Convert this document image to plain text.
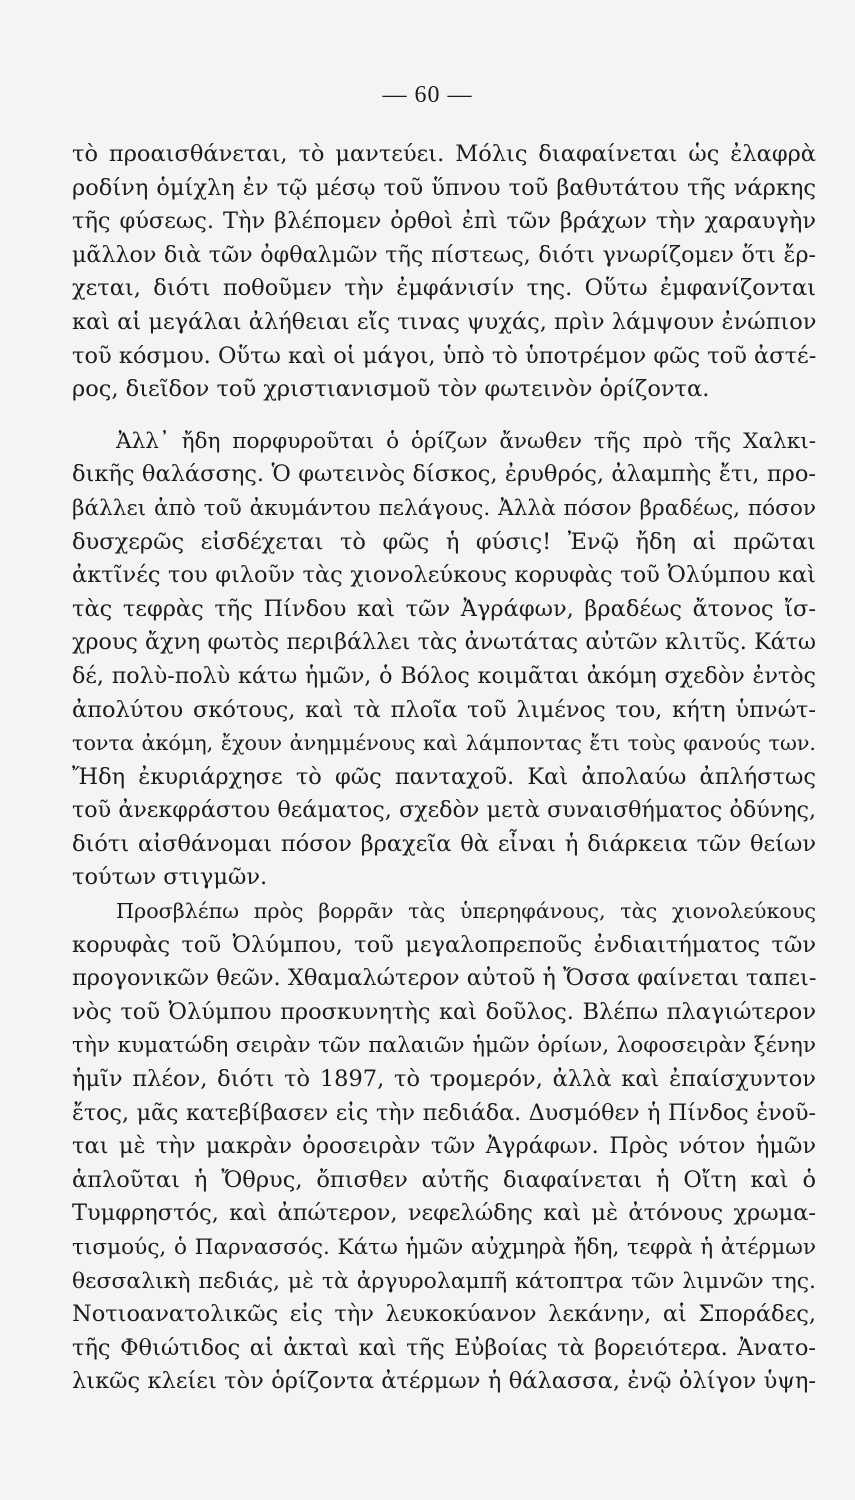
— 60 —
τὸ προαισθάνεται, τὸ μαντεύει. Μόλις διαφαίνεται ὡς ἐλαφρὰ
ροδίνη ὁμίχλη ἐν τῷ μέσῳ τοῦ ὕπνου τοῦ βαθυτάτου τῆς νάρκης
τῆς φύσεως. Τὴν βλέπομεν ὀρθοὶ ἐπὶ τῶν βράχων τὴν χαραυγὴν
μᾶλλον διὰ τῶν ὀφθαλμῶν τῆς πίστεως, διότι γνωρίζομεν ὅτι ἔρ-
χεται, διότι ποθοῦμεν τὴν ἐμφάνισίν της. Οὕτω ἐμφανίζονται
καὶ αἱ μεγάλαι ἀλήθειαι εἴς τινας ψυχάς, πρὶν λάμψουν ἐνώπιον
τοῦ κόσμου. Οὕτω καὶ οἱ μάγοι, ὑπὸ τὸ ὑποτρέμον φῶς τοῦ ἀστέ-
ρος, διεῖδον τοῦ χριστιανισμοῦ τὸν φωτεινὸν ὁρίζοντα.
Ἀλλ᾽ ἤδη πορφυροῦται ὁ ὁρίζων ἄνωθεν τῆς πρὸ τῆς Χαλκι-
δικῆς θαλάσσης. Ὁ φωτεινὸς δίσκος, ἐρυθρός, ἀλαμπὴς ἔτι, προ-
βάλλει ἀπὸ τοῦ ἀκυμάντου πελάγους. Ἀλλὰ πόσον βραδέως, πόσον
δυσχερῶς εἰσδέχεται τὸ φῶς ἡ φύσις! Ἐνῷ ἤδη αἱ πρῶται
ἀκτῖνές του φιλοῦν τὰς χιονολεύκους κορυφὰς τοῦ Ὀλύμπου καὶ
τὰς τεφρὰς τῆς Πίνδου καὶ τῶν Ἀγράφων, βραδέως ἄτονος ἴσ-
χρους ἄχνη φωτὸς περιβάλλει τὰς ἀνωτάτας αὐτῶν κλιτῦς. Κάτω
δέ, πολὺ-πολὺ κάτω ἡμῶν, ὁ Βόλος κοιμᾶται ἀκόμη σχεδὸν ἐντὸς
ἀπολύτου σκότους, καὶ τὰ πλοῖα τοῦ λιμένος του, κήτη ὑπνώτ-
τοντα ἀκόμη, ἔχουν ἀνημμένους καὶ λάμποντας ἔτι τοὺς φανούς των.
Ἤδη ἐκυριάρχησε τὸ φῶς πανταχοῦ. Καὶ ἀπολαύω ἀπλήστως
τοῦ ἀνεκφράστου θεάματος, σχεδὸν μετὰ συναισθήματος ὀδύνης,
διότι αἰσθάνομαι πόσον βραχεῖα θὰ εἶναι ἡ διάρκεια τῶν θείων
τούτων στιγμῶν.
Προσβλέπω πρὸς βορρᾶν τὰς ὑπερηφάνους, τὰς χιονολεύκους
κορυφὰς τοῦ Ὀλύμπου, τοῦ μεγαλοπρεποῦς ἐνδιαιτήματος τῶν
προγονικῶν θεῶν. Χθαμαλώτερον αὐτοῦ ἡ Ὄσσα φαίνεται ταπει-
νὸς τοῦ Ὀλύμπου προσκυνητὴς καὶ δοῦλος. Βλέπω πλαγιώτερον
τὴν κυματώδη σειρὰν τῶν παλαιῶν ἡμῶν ὁρίων, λοφοσειρὰν ξένην
ἡμῖν πλέον, διότι τὸ 1897, τὸ τρομερόν, ἀλλὰ καὶ ἐπαίσχυντον
ἔτος, μᾶς κατεβίβασεν εἰς τὴν πεδιάδα. Δυσμόθεν ἡ Πίνδος ἑνοῦ-
ται μὲ τὴν μακρὰν ὀροσειρὰν τῶν Ἀγράφων. Πρὸς νότον ἡμῶν
ἁπλοῦται ἡ Ὄθρυς, ὄπισθεν αὐτῆς διαφαίνεται ἡ Οἴτη καὶ ὁ
Τυμφρηστός, καὶ ἀπώτερον, νεφελώδης καὶ μὲ ἀτόνους χρωμα-
τισμούς, ὁ Παρνασσός. Κάτω ἡμῶν αὐχμηρὰ ἤδη, τεφρὰ ἡ ἀτέρμων
θεσσαλικὴ πεδιάς, μὲ τὰ ἀργυρολαμπῆ κάτοπτρα τῶν λιμνῶν της.
Νοτιοανατολικῶς εἰς τὴν λευκοκύανον λεκάνην, αἱ Σποράδες,
τῆς Φθιώτιδος αἱ ἀκταὶ καὶ τῆς Εὐβοίας τὰ βορειότερα. Ἀνατο-
λικῶς κλείει τὸν ὁρίζοντα ἀτέρμων ἡ θάλασσα, ἐνῷ ὀλίγον ὑψη-
